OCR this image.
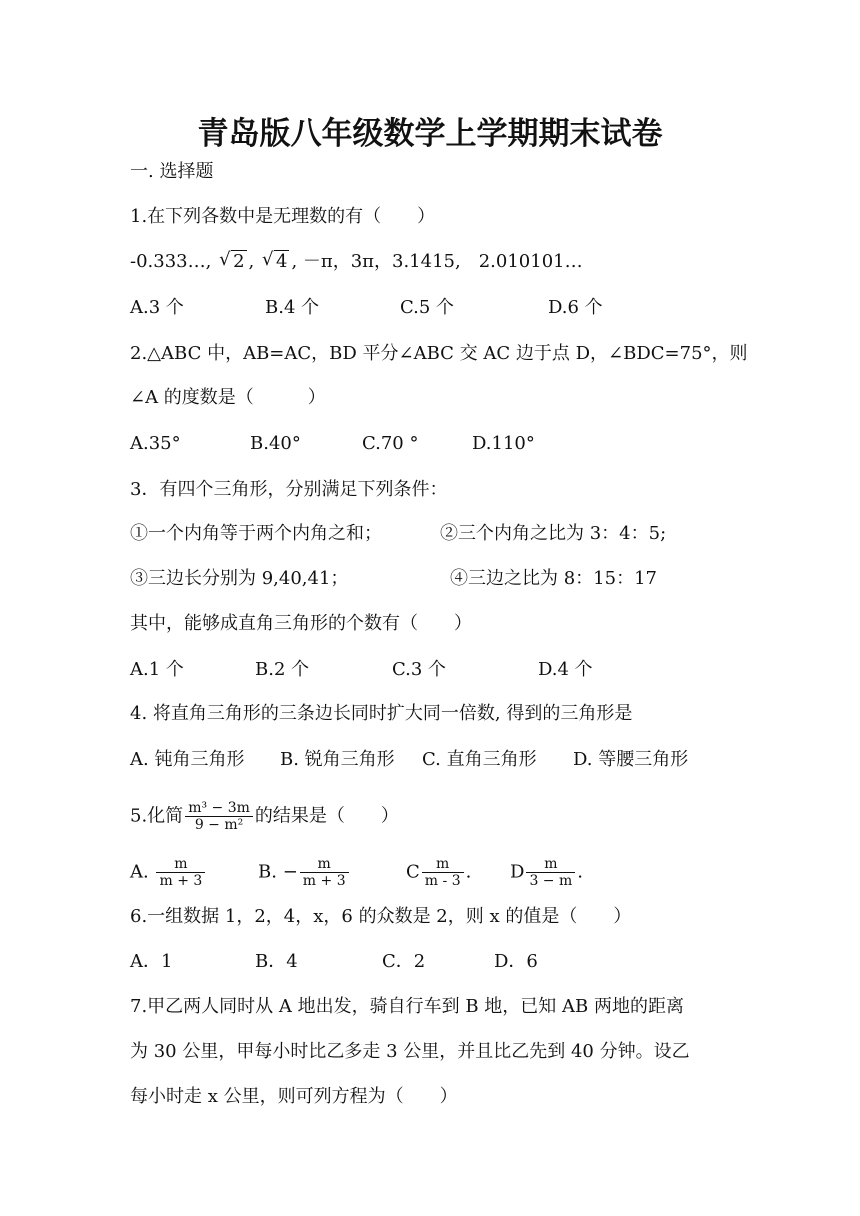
青岛版八年级数学上学期期末试卷
一. 选择题
1.在下列各数中是无理数的有（　　）
-0.333…, √ 2 , √ 4 , －π，3π，3.1415,　2.010101…
A.3 个	B.4 个	C.5 个	D.6 个
2.△ABC 中，AB=AC，BD 平分∠ABC 交 AC 边于点 D，∠BDC=75°，则
∠A 的度数是（　　　）
A.35°	B.40°	C.70 °	D.110°
3．有四个三角形，分别满足下列条件：
①一个内角等于两个内角之和；	②三个内角之比为 3：4：5;
③三边长分别为 9,40,41；	④三边之比为 8：15：17
其中，能够成直角三角形的个数有（　　）
A.1 个	B.2 个	C.3 个	D.4 个
4. 将直角三角形的三条边长同时扩大同一倍数, 得到的三角形是
A. 钝角三角形 B. 锐角三角形 C. 直角三角形 D. 等腰三角形
5.化简 $\frac{\text{m³ − 3m}}{\text{9 − m²}}$ 的结果是（　　）
A. $\frac{m}{m + 3}$	B. − $\frac{m}{m + 3}$	C $\frac{m}{m - 3}$ . D $\frac{m}{3 - m}$ .
6.一组数据 1，2，4，x，6 的众数是 2，则 x 的值是（　　）
A．1	B．4	C．2	D．6
7.甲乙两人同时从 A 地出发，骑自行车到 B 地，已知 AB 两地的距离
为 30 公里，甲每小时比乙多走 3 公里，并且比乙先到 40 分钟。设乙
每小时走 x 公里，则可列方程为（　　）
